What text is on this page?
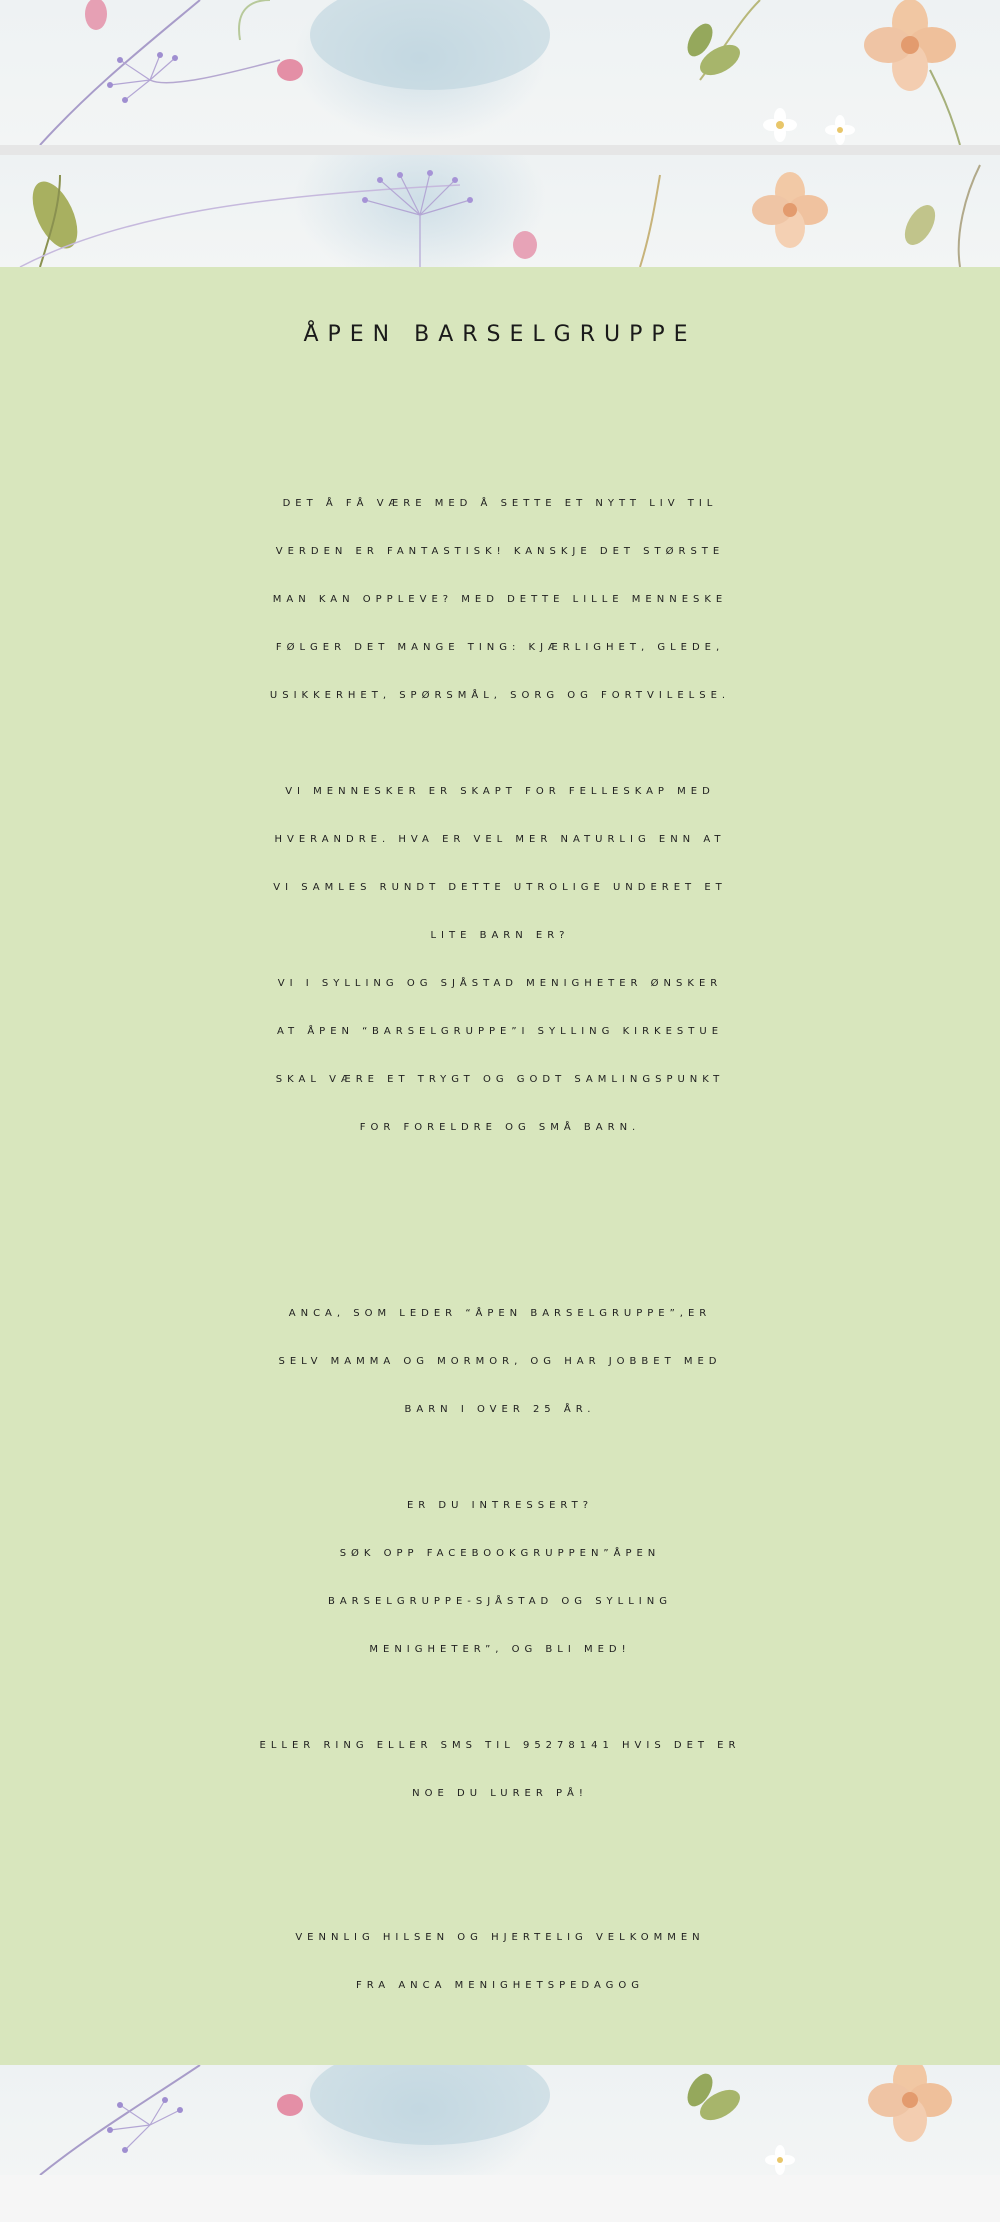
ÅPEN BARSELGRUPPE
DET Å FÅ VÆRE MED Å SETTE ET NYTT LIV TIL
VERDEN ER FANTASTISK! KANSKJE DET STØRSTE
MAN KAN OPPLEVE? MED DETTE LILLE MENNESKE
FØLGER DET MANGE TING: KJÆRLIGHET, GLEDE,
USIKKERHET, SPØRSMÅL, SORG OG FORTVILELSE.
VI MENNESKER ER SKAPT FOR FELLESKAP MED
HVERANDRE. HVA ER VEL MER NATURLIG ENN AT
VI SAMLES RUNDT DETTE UTROLIGE UNDERET ET
LITE BARN ER?
VI I SYLLING OG SJÅSTAD MENIGHETER ØNSKER
AT ÅPEN “BARSELGRUPPE”I SYLLING KIRKESTUE
SKAL VÆRE ET TRYGT OG GODT SAMLINGSPUNKT
FOR FORELDRE OG SMÅ BARN.
ANCA, SOM LEDER “ÅPEN BARSELGRUPPE”,ER
SELV MAMMA OG MORMOR, OG HAR JOBBET MED
BARN I OVER 25 ÅR.
ER DU INTRESSERT?
SØK OPP FACEBOOKGRUPPEN”ÅPEN
BARSELGRUPPE-SJÅSTAD OG SYLLING
MENIGHETER”, OG BLI MED!
ELLER RING ELLER SMS TIL 95278141 HVIS DET ER
NOE DU LURER PÅ!
VENNLIG HILSEN OG HJERTELIG VELKOMMEN
FRA ANCA MENIGHETSPEDAGOG
